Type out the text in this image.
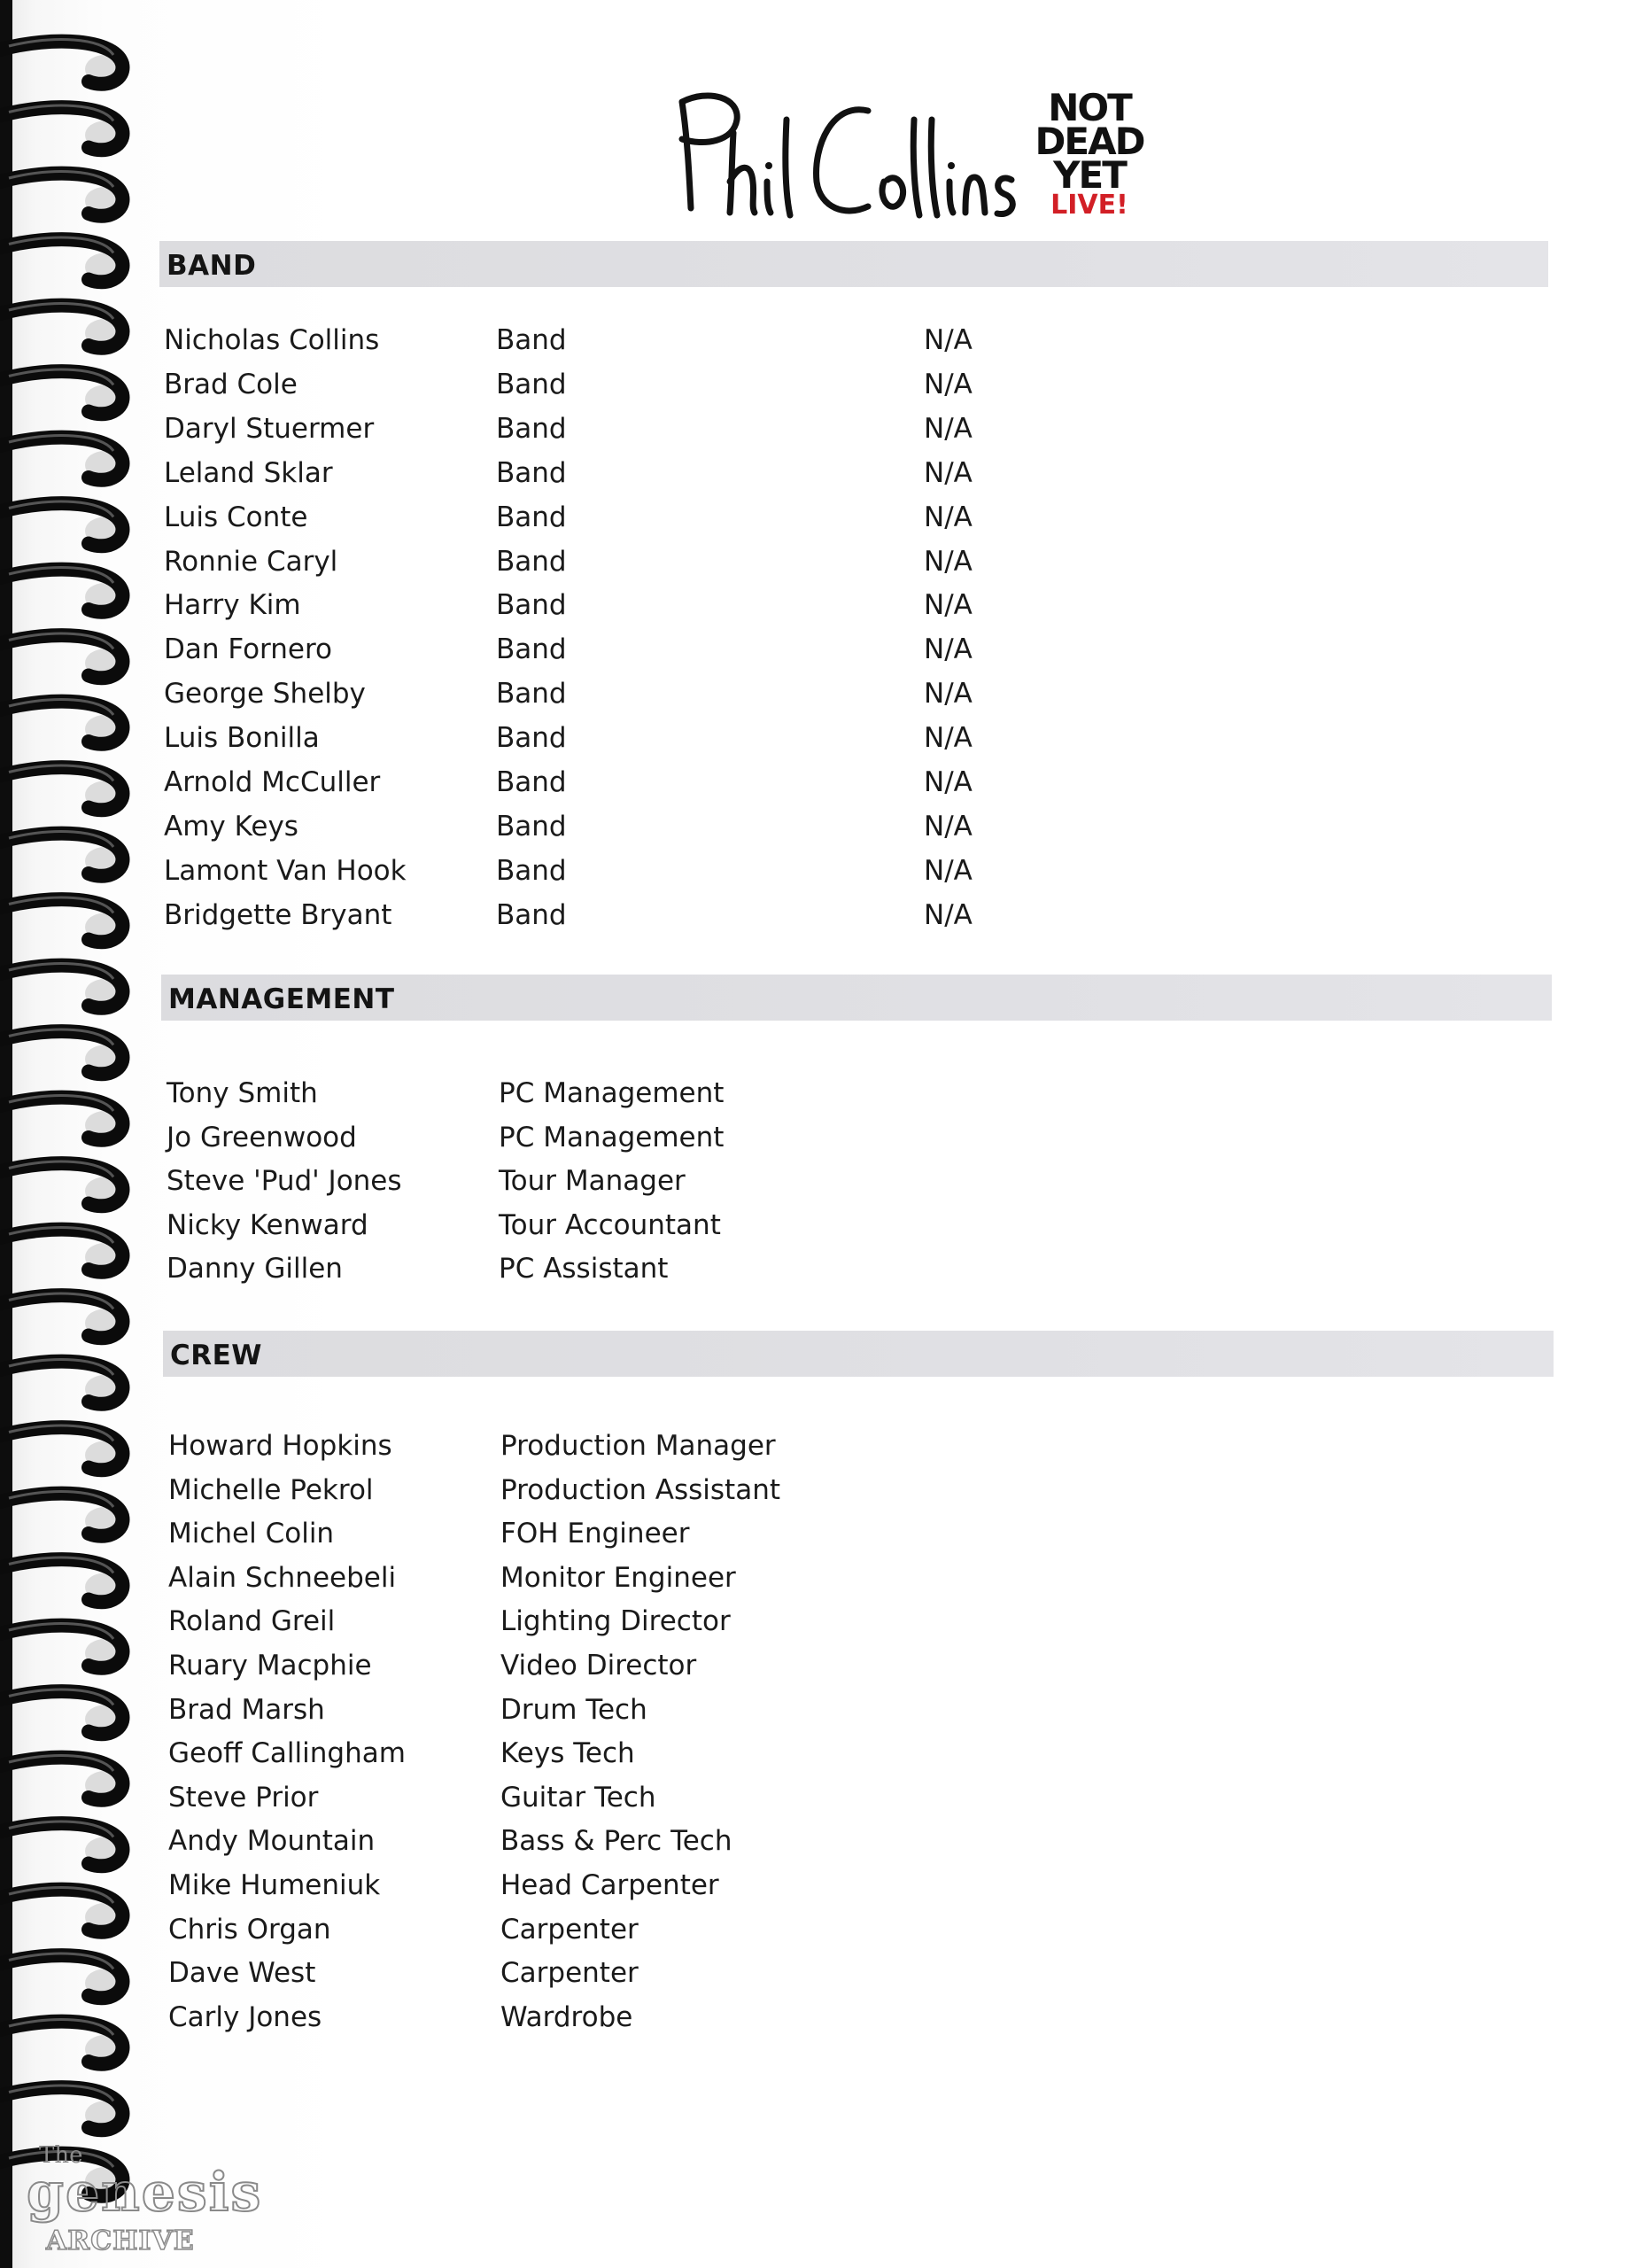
NOT
DEAD
YET
LIVE!
BAND
Nicholas Collins	Band	N/A
Brad Cole	Band	N/A
Daryl Stuermer	Band	N/A
Leland Sklar	Band	N/A
Luis Conte	Band	N/A
Ronnie Caryl	Band	N/A
Harry Kim	Band	N/A
Dan Fornero	Band	N/A
George Shelby	Band	N/A
Luis Bonilla	Band	N/A
Arnold McCuller	Band	N/A
Amy Keys	Band	N/A
Lamont Van Hook	Band	N/A
Bridgette Bryant	Band	N/A
MANAGEMENT
Tony Smith	PC Management
Jo Greenwood	PC Management
Steve 'Pud' Jones	Tour Manager
Nicky Kenward	Tour Accountant
Danny Gillen	PC Assistant
CREW
Howard Hopkins	Production Manager
Michelle Pekrol	Production Assistant
Michel Colin	FOH Engineer
Alain Schneebeli	Monitor Engineer
Roland Greil	Lighting Director
Ruary Macphie	Video Director
Brad Marsh	Drum Tech
Geoff Callingham	Keys Tech
Steve Prior	Guitar Tech
Andy Mountain	Bass & Perc Tech
Mike Humeniuk	Head Carpenter
Chris Organ	Carpenter
Dave West	Carpenter
Carly Jones	Wardrobe
The
genesis
ARCHIVE
